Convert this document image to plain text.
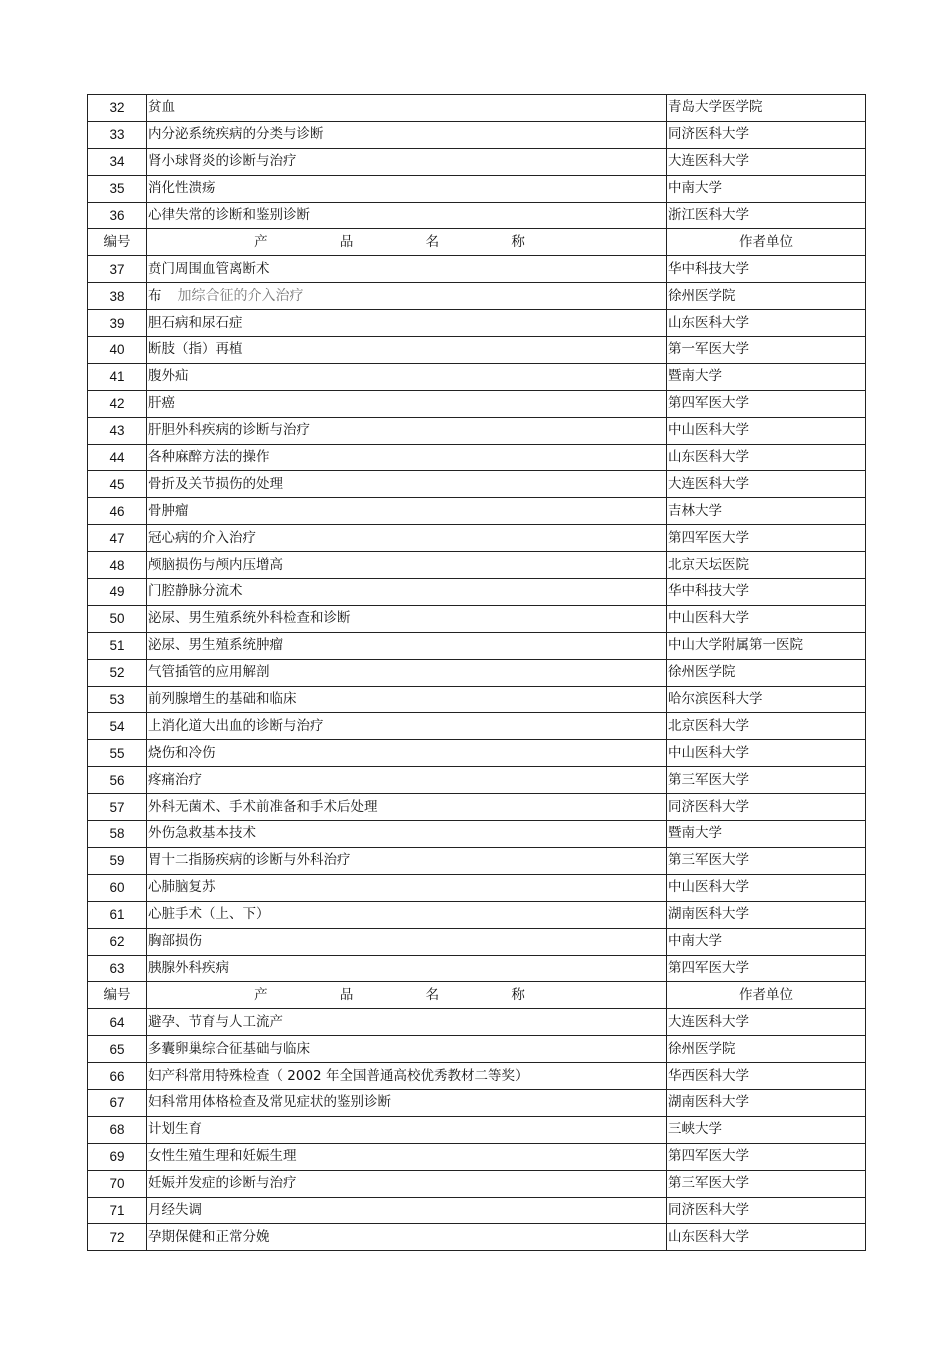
32	贫血	青岛大学医学院
33	内分泌系统疾病的分类与诊断	同济医科大学
34	肾小球肾炎的诊断与治疗	大连医科大学
35	消化性溃疡	中南大学
36	心律失常的诊断和鉴别诊断	浙江医科大学
编号	产 品 名 称	作者单位
37	贲门周围血管离断术	华中科技大学
38	布 加综合征的介入治疗	徐州医学院
39	胆石病和尿石症	山东医科大学
40	断肢（指）再植	第一军医大学
41	腹外疝	暨南大学
42	肝癌	第四军医大学
43	肝胆外科疾病的诊断与治疗	中山医科大学
44	各种麻醉方法的操作	山东医科大学
45	骨折及关节损伤的处理	大连医科大学
46	骨肿瘤	吉林大学
47	冠心病的介入治疗	第四军医大学
48	颅脑损伤与颅内压增高	北京天坛医院
49	门腔静脉分流术	华中科技大学
50	泌尿、男生殖系统外科检查和诊断	中山医科大学
51	泌尿、男生殖系统肿瘤	中山大学附属第一医院
52	气管插管的应用解剖	徐州医学院
53	前列腺增生的基础和临床	哈尔滨医科大学
54	上消化道大出血的诊断与治疗	北京医科大学
55	烧伤和冷伤	中山医科大学
56	疼痛治疗	第三军医大学
57	外科无菌术、手术前准备和手术后处理	同济医科大学
58	外伤急救基本技术	暨南大学
59	胃十二指肠疾病的诊断与外科治疗	第三军医大学
60	心肺脑复苏	中山医科大学
61	心脏手术（上、下）	湖南医科大学
62	胸部损伤	中南大学
63	胰腺外科疾病	第四军医大学
编号	产 品 名 称	作者单位
64	避孕、节育与人工流产	大连医科大学
65	多囊卵巢综合征基础与临床	徐州医学院
66	妇产科常用特殊检查（ 2002 年全国普通高校优秀教材二等奖）	华西医科大学
67	妇科常用体格检查及常见症状的鉴别诊断	湖南医科大学
68	计划生育	三峡大学
69	女性生殖生理和妊娠生理	第四军医大学
70	妊娠并发症的诊断与治疗	第三军医大学
71	月经失调	同济医科大学
72	孕期保健和正常分娩	山东医科大学
